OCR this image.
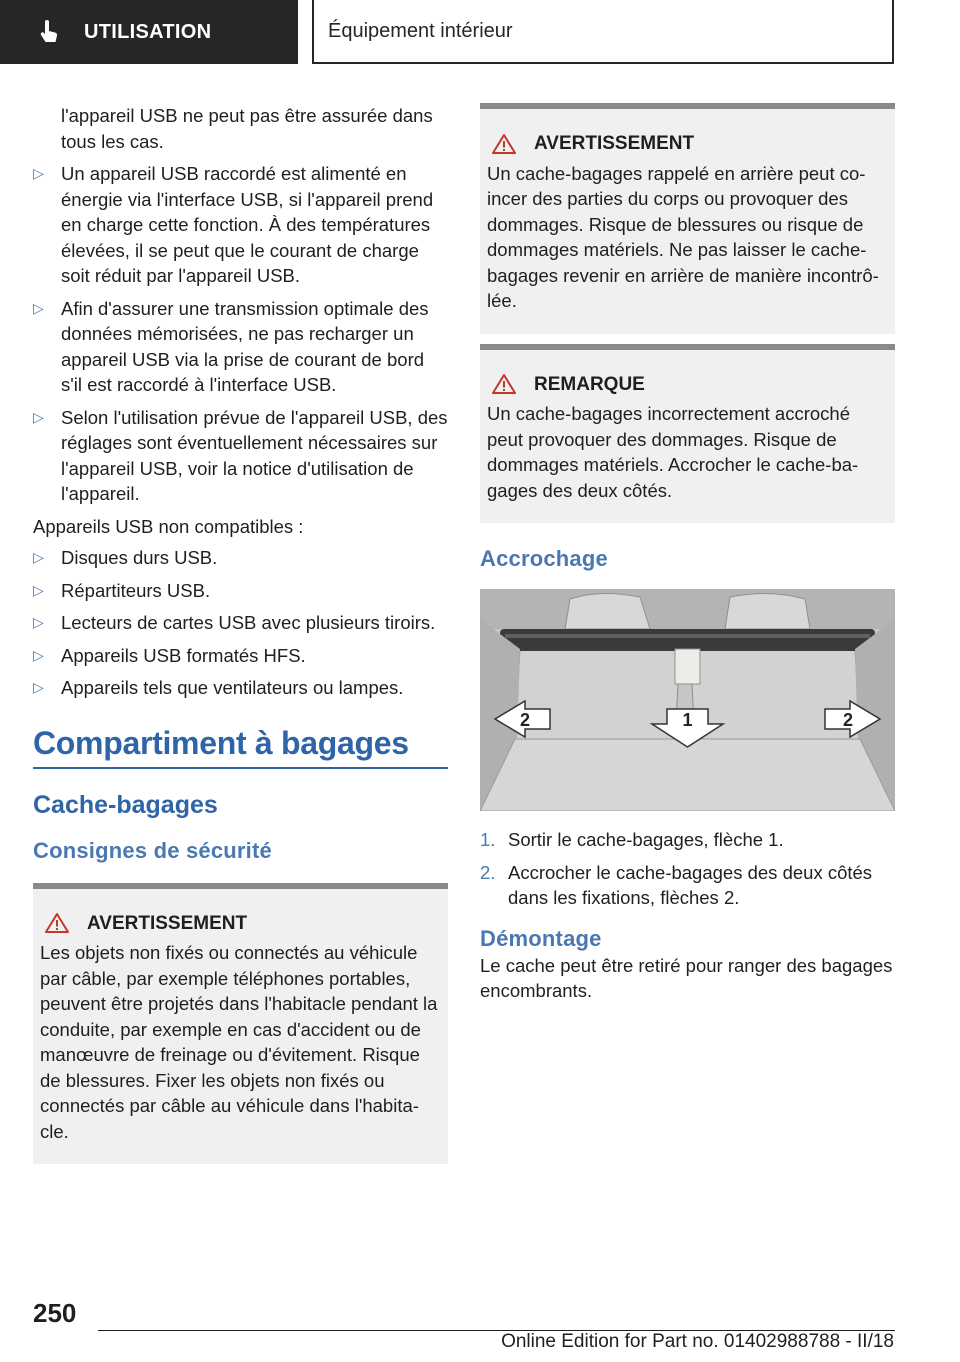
UTILISATION	Équipement intérieur
l'appareil USB ne peut pas être assurée dans tous les cas.
▷ Un appareil USB raccordé est alimenté en énergie via l'interface USB, si l'appareil prend en charge cette fonction. À des températures élevées, il se peut que le courant de charge soit réduit par l'appareil USB.
▷ Afin d'assurer une transmission optimale des données mémorisées, ne pas recharger un appareil USB via la prise de courant de bord s'il est raccordé à l'interface USB.
▷ Selon l'utilisation prévue de l'appareil USB, des réglages sont éventuellement nécessaires sur l'appareil USB, voir la notice d'utilisation de l'appareil.

Appareils USB non compatibles :

▷ Disques durs USB.
▷ Répartiteurs USB.
▷ Lecteurs de cartes USB avec plusieurs tiroirs.
▷ Appareils USB formatés HFS.
▷ Appareils tels que ventilateurs ou lampes.
Compartiment à bagages
Cache-bagages
Consignes de sécurité
AVERTISSEMENT
Les objets non fixés ou connectés au véhicule par câble, par exemple téléphones portables, peuvent être projetés dans l'habitacle pendant la conduite, par exemple en cas d'accident ou de manœuvre de freinage ou d'évitement. Risque de blessures. Fixer les objets non fixés ou connectés par câble au véhicule dans l'habitacle.
AVERTISSEMENT
Un cache-bagages rappelé en arrière peut coincer des parties du corps ou provoquer des dommages. Risque de blessures ou risque de dommages matériels. Ne pas laisser le cache-bagages revenir en arrière de manière incontrôlée.
REMARQUE
Un cache-bagages incorrectement accroché peut provoquer des dommages. Risque de dommages matériels. Accrocher le cache-bagages des deux côtés.
Accrochage
2	1	2
1. Sortir le cache-bagages, flèche 1.
2. Accrocher le cache-bagages des deux côtés dans les fixations, flèches 2.
Démontage

Le cache peut être retiré pour ranger des bagages encombrants.

250
Online Edition for Part no. 01402988788 - II/18
